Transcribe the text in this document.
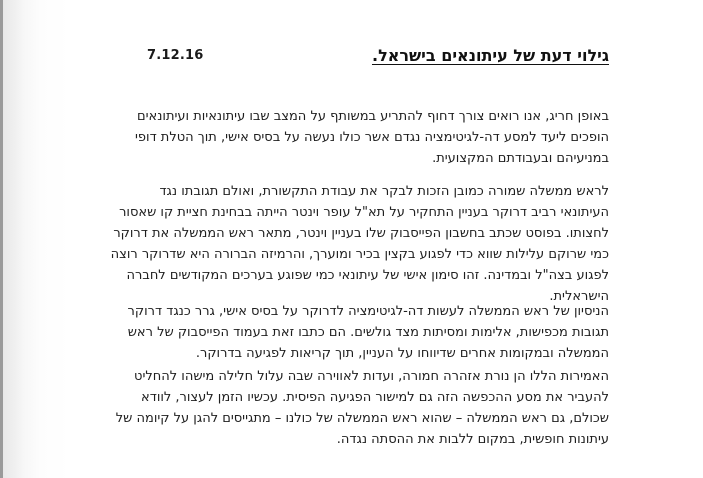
7.12.16	גילוי דעת של עיתונאים בישראל.
באופן חריג, אנו רואים צורך דחוף להתריע במשותף על המצב שבו עיתונאיות ועיתונאים
הופכים ליעד למסע דה-לגיטימציה נגדם אשר כולו נעשה על בסיס אישי, תוך הטלת דופי
במניעיהם ובעבודתם המקצועית.
לראש ממשלה שמורה כמובן הזכות לבקר את עבודת התקשורת, ואולם תגובתו נגד
העיתונאי רביב דרוקר בעניין התחקיר על תא"ל עופר וינטר הייתה בבחינת חציית קו שאסור
לחצותו. בפוסט שכתב בחשבון הפייסבוק שלו בעניין וינטר, מתאר ראש הממשלה את דרוקר
כמי שרוקם עלילות שווא כדי לפגוע בקצין בכיר ומוערך, והרמיזה הברורה היא שדרוקר רוצה
לפגוע בצה"ל ובמדינה. זהו סימון אישי של עיתונאי כמי שפוגע בערכים המקודשים לחברה
הישראלית.
הניסיון של ראש הממשלה לעשות דה-לגיטימציה לדרוקר על בסיס אישי, גרר כנגד דרוקר
תגובות מכפישות, אלימות ומסיתות מצד גולשים. הם כתבו זאת בעמוד הפייסבוק של ראש
הממשלה ובמקומות אחרים שדיווחו על העניין, תוך קריאות לפגיעה בדרוקר.
האמירות הללו הן נורת אזהרה חמורה, ועדות לאווירה שבה עלול חלילה מישהו להחליט
להעביר את מסע ההכפשה הזה גם למישור הפגיעה הפיסית. עכשיו הזמן לעצור, לוודא
שכולם, גם ראש הממשלה – שהוא ראש הממשלה של כולנו – מתגייסים להגן על קיומה של
עיתונות חופשית, במקום ללבות את ההסתה נגדה.
